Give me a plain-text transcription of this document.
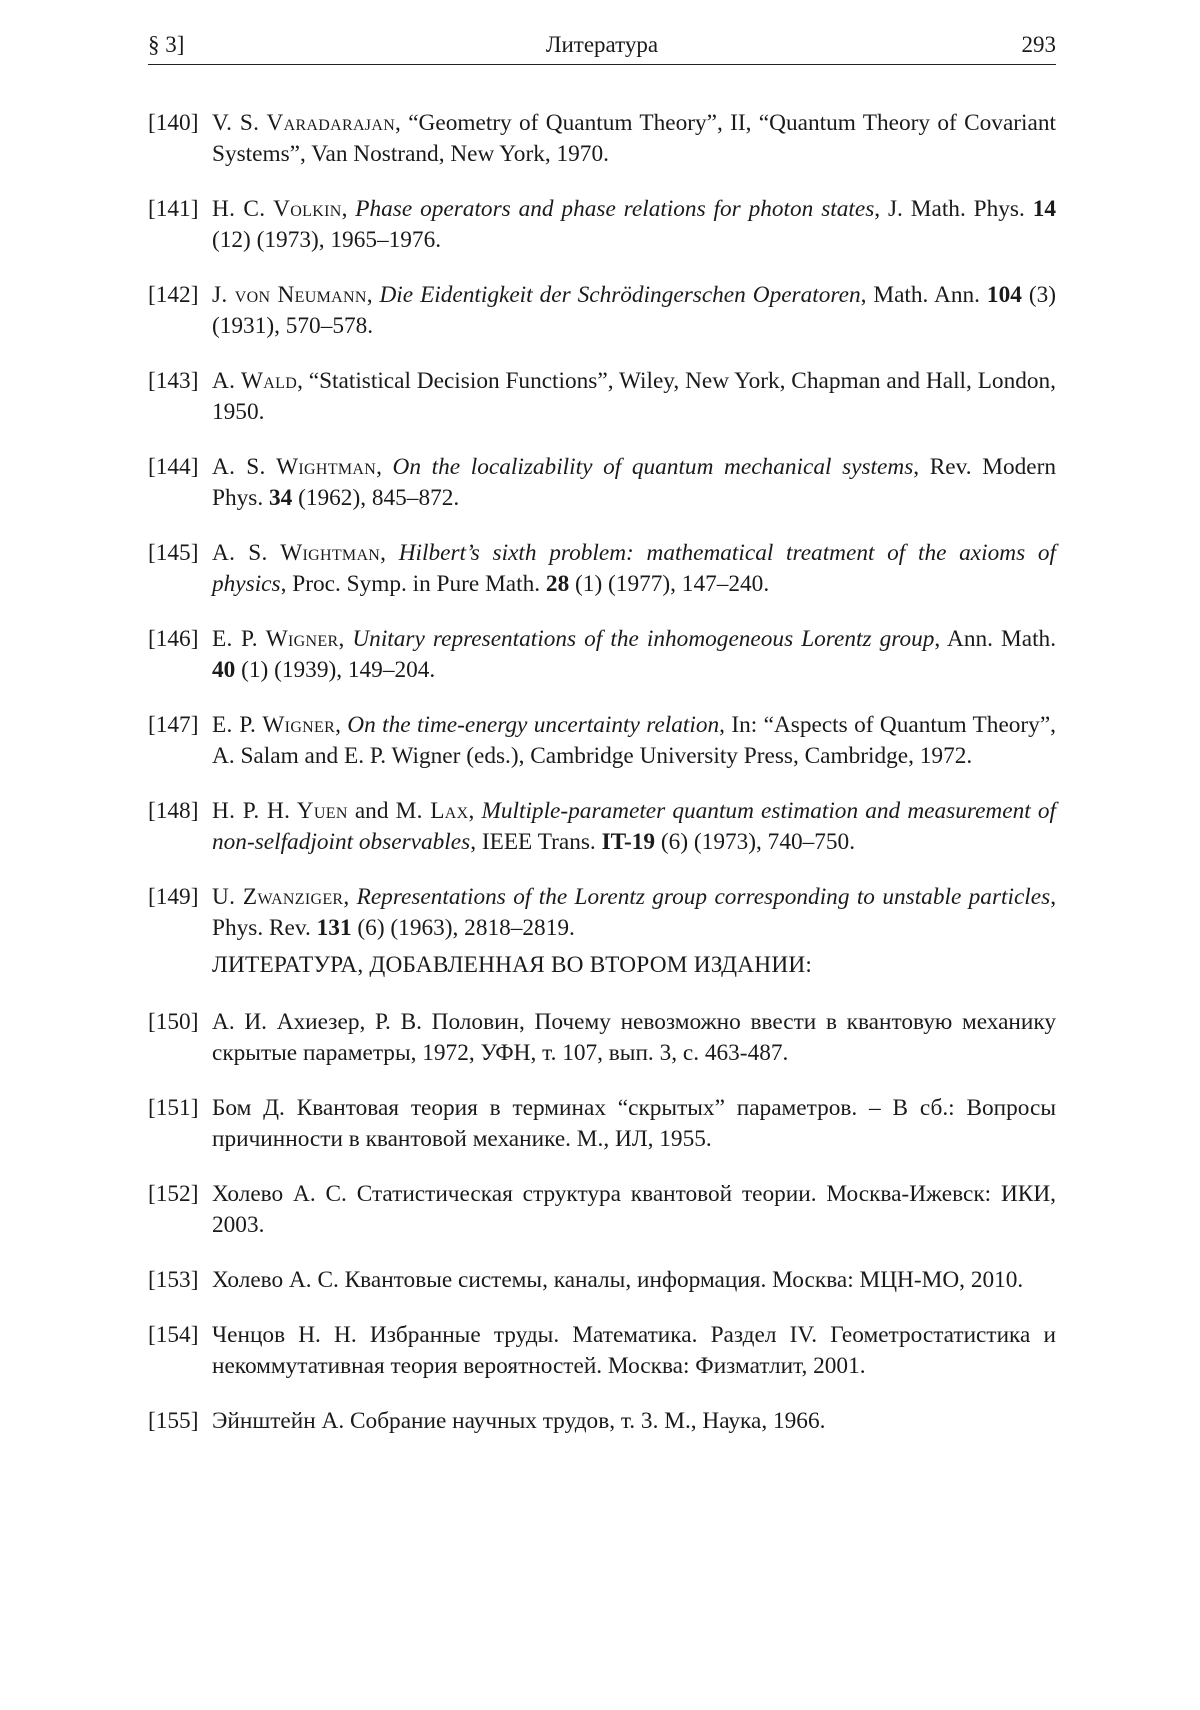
§ 3]	Литература	293
[140] V. S. Varadarajan, “Geometry of Quantum Theory”, II, “Quantum Theory of Covariant Systems”, Van Nostrand, New York, 1970.
[141] H. C. Volkin, Phase operators and phase relations for photon states, J. Math. Phys. 14 (12) (1973), 1965–1976.
[142] J. von Neumann, Die Eidentigkeit der Schrödingerschen Operatoren, Math. Ann. 104 (3) (1931), 570–578.
[143] A. Wald, “Statistical Decision Functions”, Wiley, New York, Chapman and Hall, London, 1950.
[144] A. S. Wightman, On the localizability of quantum mechanical systems, Rev. Modern Phys. 34 (1962), 845–872.
[145] A. S. Wightman, Hilbert’s sixth problem: mathematical treatment of the axioms of physics, Proc. Symp. in Pure Math. 28 (1) (1977), 147–240.
[146] E. P. Wigner, Unitary representations of the inhomogeneous Lorentz group, Ann. Math. 40 (1) (1939), 149–204.
[147] E. P. Wigner, On the time-energy uncertainty relation, In: “Aspects of Quantum Theory”, A. Salam and E. P. Wigner (eds.), Cambridge University Press, Cambridge, 1972.
[148] H. P. H. Yuen and M. Lax, Multiple-parameter quantum estimation and measurement of non-selfadjoint observables, IEEE Trans. IT-19 (6) (1973), 740–750.
[149] U. Zwanziger, Representations of the Lorentz group corresponding to unstable particles, Phys. Rev. 131 (6) (1963), 2818–2819.
ЛИТЕРАТУРА, ДОБАВЛЕННАЯ ВО ВТОРОМ ИЗДАНИИ:
[150] А. И. Ахиезер, Р. В. Половин, Почему невозможно ввести в квантовую механику скрытые параметры, 1972, УФН, т. 107, вып. 3, с. 463-487.
[151] Бом Д. Квантовая теория в терминах “скрытых” параметров. – В сб.: Вопросы причинности в квантовой механике. М., ИЛ, 1955.
[152] Холево А. С. Статистическая структура квантовой теории. Москва-Ижевск: ИКИ, 2003.
[153] Холево А. С. Квантовые системы, каналы, информация. Москва: МЦН-МО, 2010.
[154] Ченцов Н. Н. Избранные труды. Математика. Раздел IV. Геометростатистика и некоммутативная теория вероятностей. Москва: Физматлит, 2001.
[155] Эйнштейн А. Собрание научных трудов, т. 3. М., Наука, 1966.
